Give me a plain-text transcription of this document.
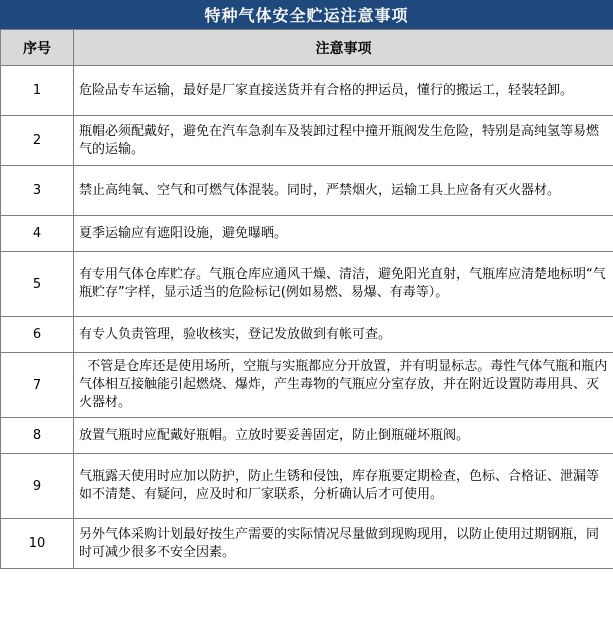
特种气体安全贮运注意事项
序号	注意事项
1	危险品专车运输，最好是厂家直接送货并有合格的押运员，懂行的搬运工，轻装轻卸。
2	瓶帽必须配戴好，避免在汽车急刹车及装卸过程中撞开瓶阀发生危险，特别是高纯氢等易燃气的运输。
3	禁止高纯氧、空气和可燃气体混装。同时，严禁烟火，运输工具上应备有灭火器材。
4	夏季运输应有遮阳设施，避免曝晒。
5	有专用气体仓库贮存。气瓶仓库应通风干燥、清洁，避免阳光直射，气瓶库应清楚地标明“气瓶贮存”字样，显示适当的危险标记(例如易燃、易爆、有毒等）。
6	有专人负责管理，验收核实，登记发放做到有帐可查。
7	不管是仓库还是使用场所，空瓶与实瓶都应分开放置，并有明显标志。毒性气体气瓶和瓶内气体相互接触能引起燃烧、爆炸，产生毒物的气瓶应分室存放，并在附近设置防毒用具、灭火器材。
8	放置气瓶时应配戴好瓶帽。立放时要妥善固定，防止倒瓶碰坏瓶阀。
9	气瓶露天使用时应加以防护，防止生锈和侵蚀，库存瓶要定期检查，色标、合格证、泄漏等如不清楚、有疑问，应及时和厂家联系，分析确认后才可使用。
10	另外气体采购计划最好按生产需要的实际情况尽量做到现购现用，以防止使用过期钢瓶，同时可减少很多不安全因素。
